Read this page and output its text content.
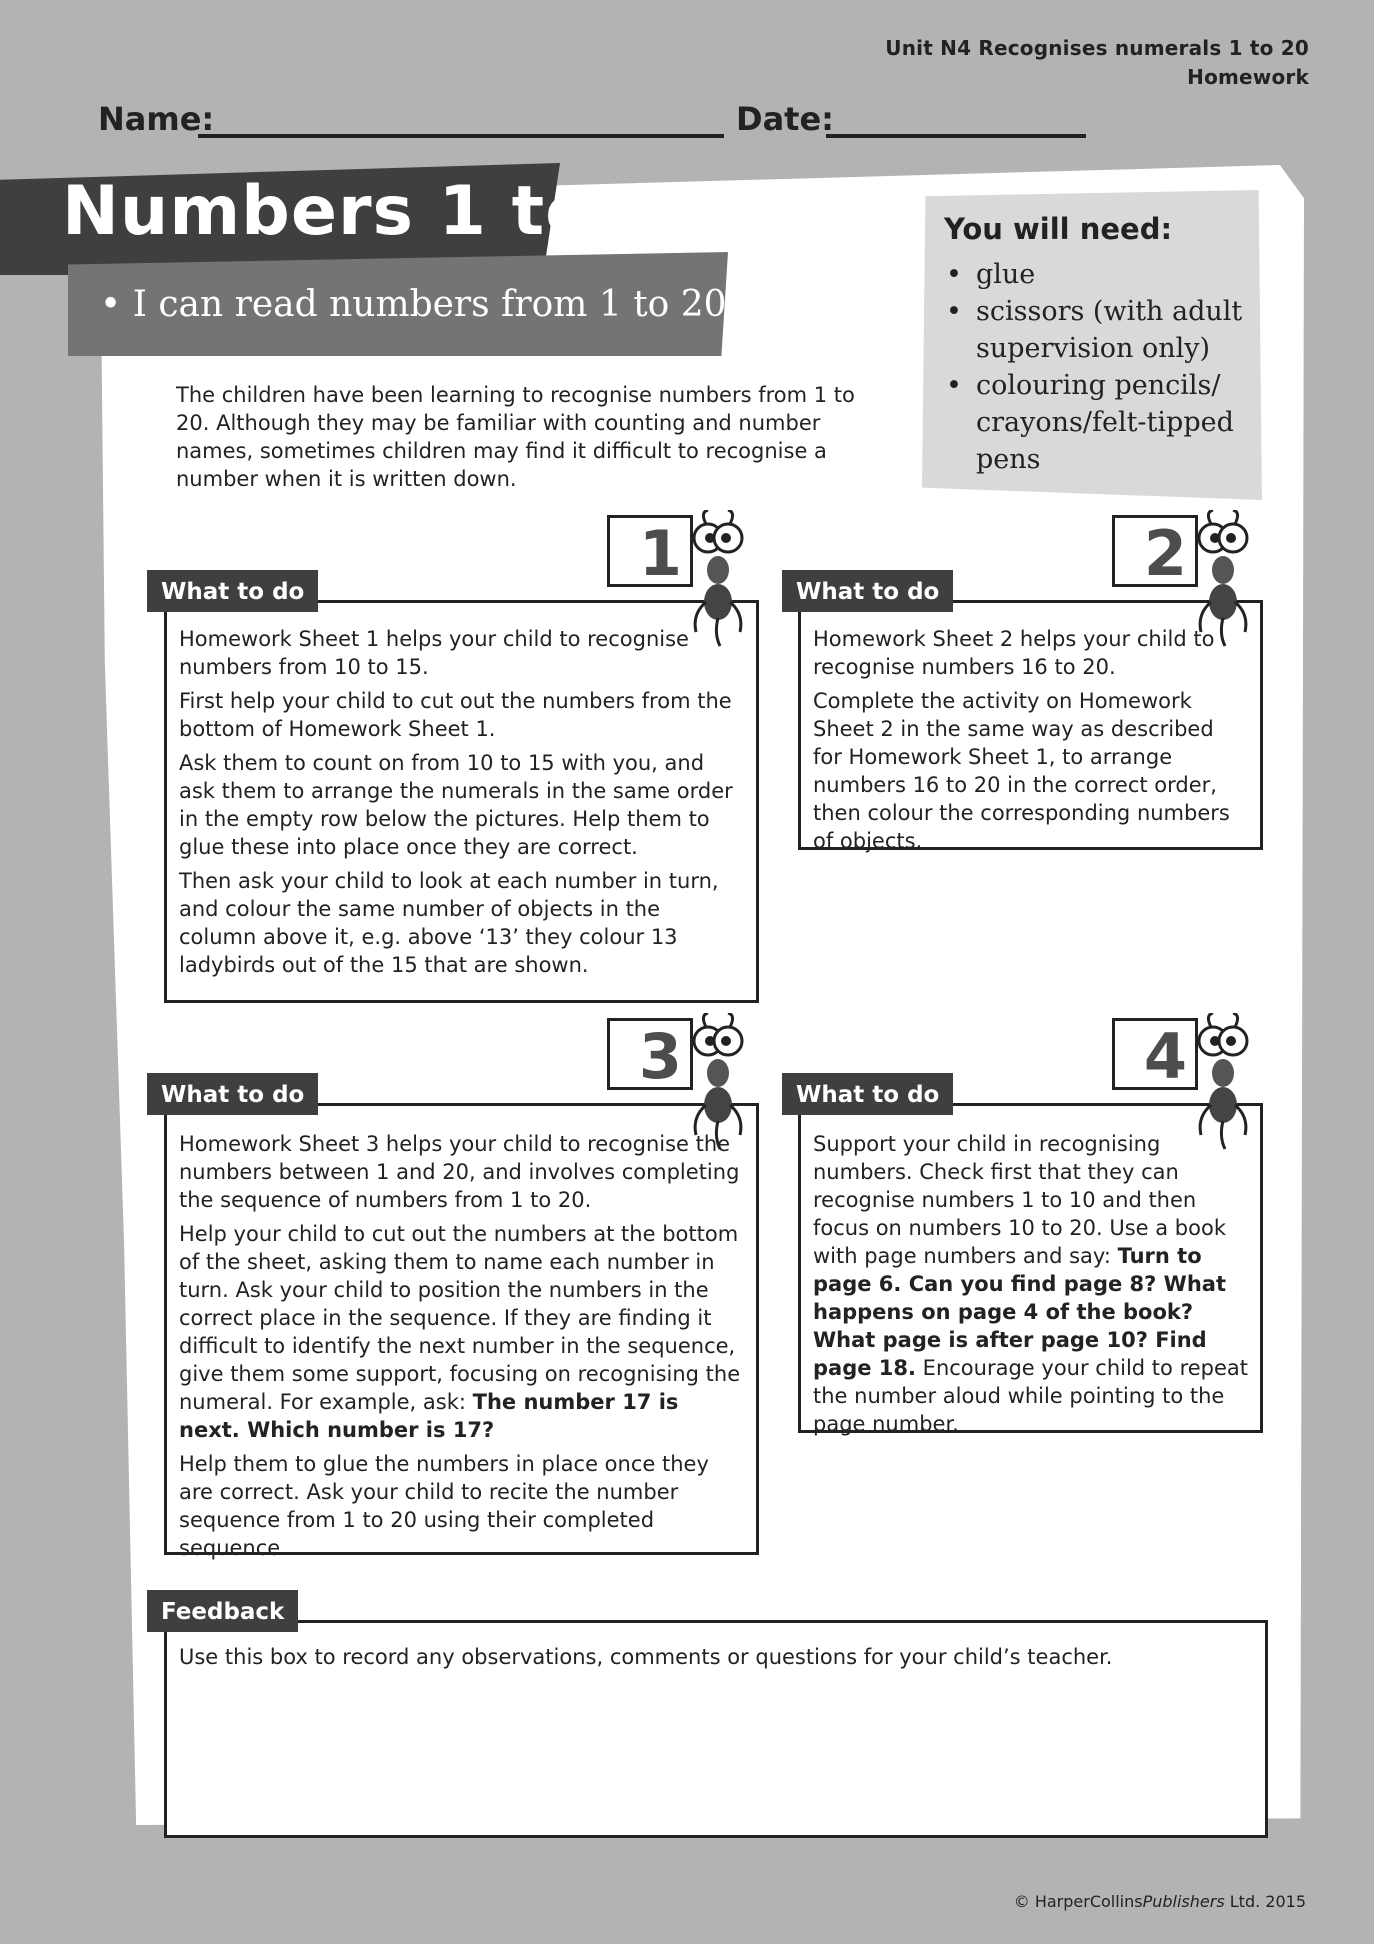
Unit N4 Recognises numerals 1 to 20
Homework
Name:	Date:
Numbers 1 to 20
• I can read numbers from 1 to 20
The children have been learning to recognise numbers from 1 to 20. Although they may be familiar with counting and number names, sometimes children may find it difficult to recognise a number when it is written down.
You will need:
• glue
• scissors (with adult supervision only)
• colouring pencils/ crayons/felt-tipped pens

Homework Sheet 1 helps your child to recognise numbers from 10 to 15.

First help your child to cut out the numbers from the bottom of Homework Sheet 1.

Ask them to count on from 10 to 15 with you, and ask them to arrange the numerals in the same order in the empty row below the pictures. Help them to glue these into place once they are correct.

Then ask your child to look at each number in turn, and colour the same number of objects in the column above it, e.g. above ‘13’ they colour 13 ladybirds out of the 15 that are shown.

What to do
1

Homework Sheet 2 helps your child to recognise numbers 16 to 20.

Complete the activity on Homework Sheet 2 in the same way as described for Homework Sheet 1, to arrange numbers 16 to 20 in the correct order, then colour the corresponding numbers of objects.

What to do
2

Homework Sheet 3 helps your child to recognise the numbers between 1 and 20, and involves completing the sequence of numbers from 1 to 20.

Help your child to cut out the numbers at the bottom of the sheet, asking them to name each number in turn. Ask your child to position the numbers in the correct place in the sequence. If they are finding it difficult to identify the next number in the sequence, give them some support, focusing on recognising the numeral. For example, ask: The number 17 is next. Which number is 17?

Help them to glue the numbers in place once they are correct. Ask your child to recite the number sequence from 1 to 20 using their completed sequence.

What to do
3

Support your child in recognising numbers. Check first that they can recognise numbers 1 to 10 and then focus on numbers 10 to 20. Use a book with page numbers and say: Turn to page 6. Can you find page 8? What happens on page 4 of the book? What page is after page 10? Find page 18. Encourage your child to repeat the number aloud while pointing to the page number.

What to do
4
Use this box to record any observations, comments or questions for your child’s teacher.
Feedback
© HarperCollinsPublishers Ltd. 2015
